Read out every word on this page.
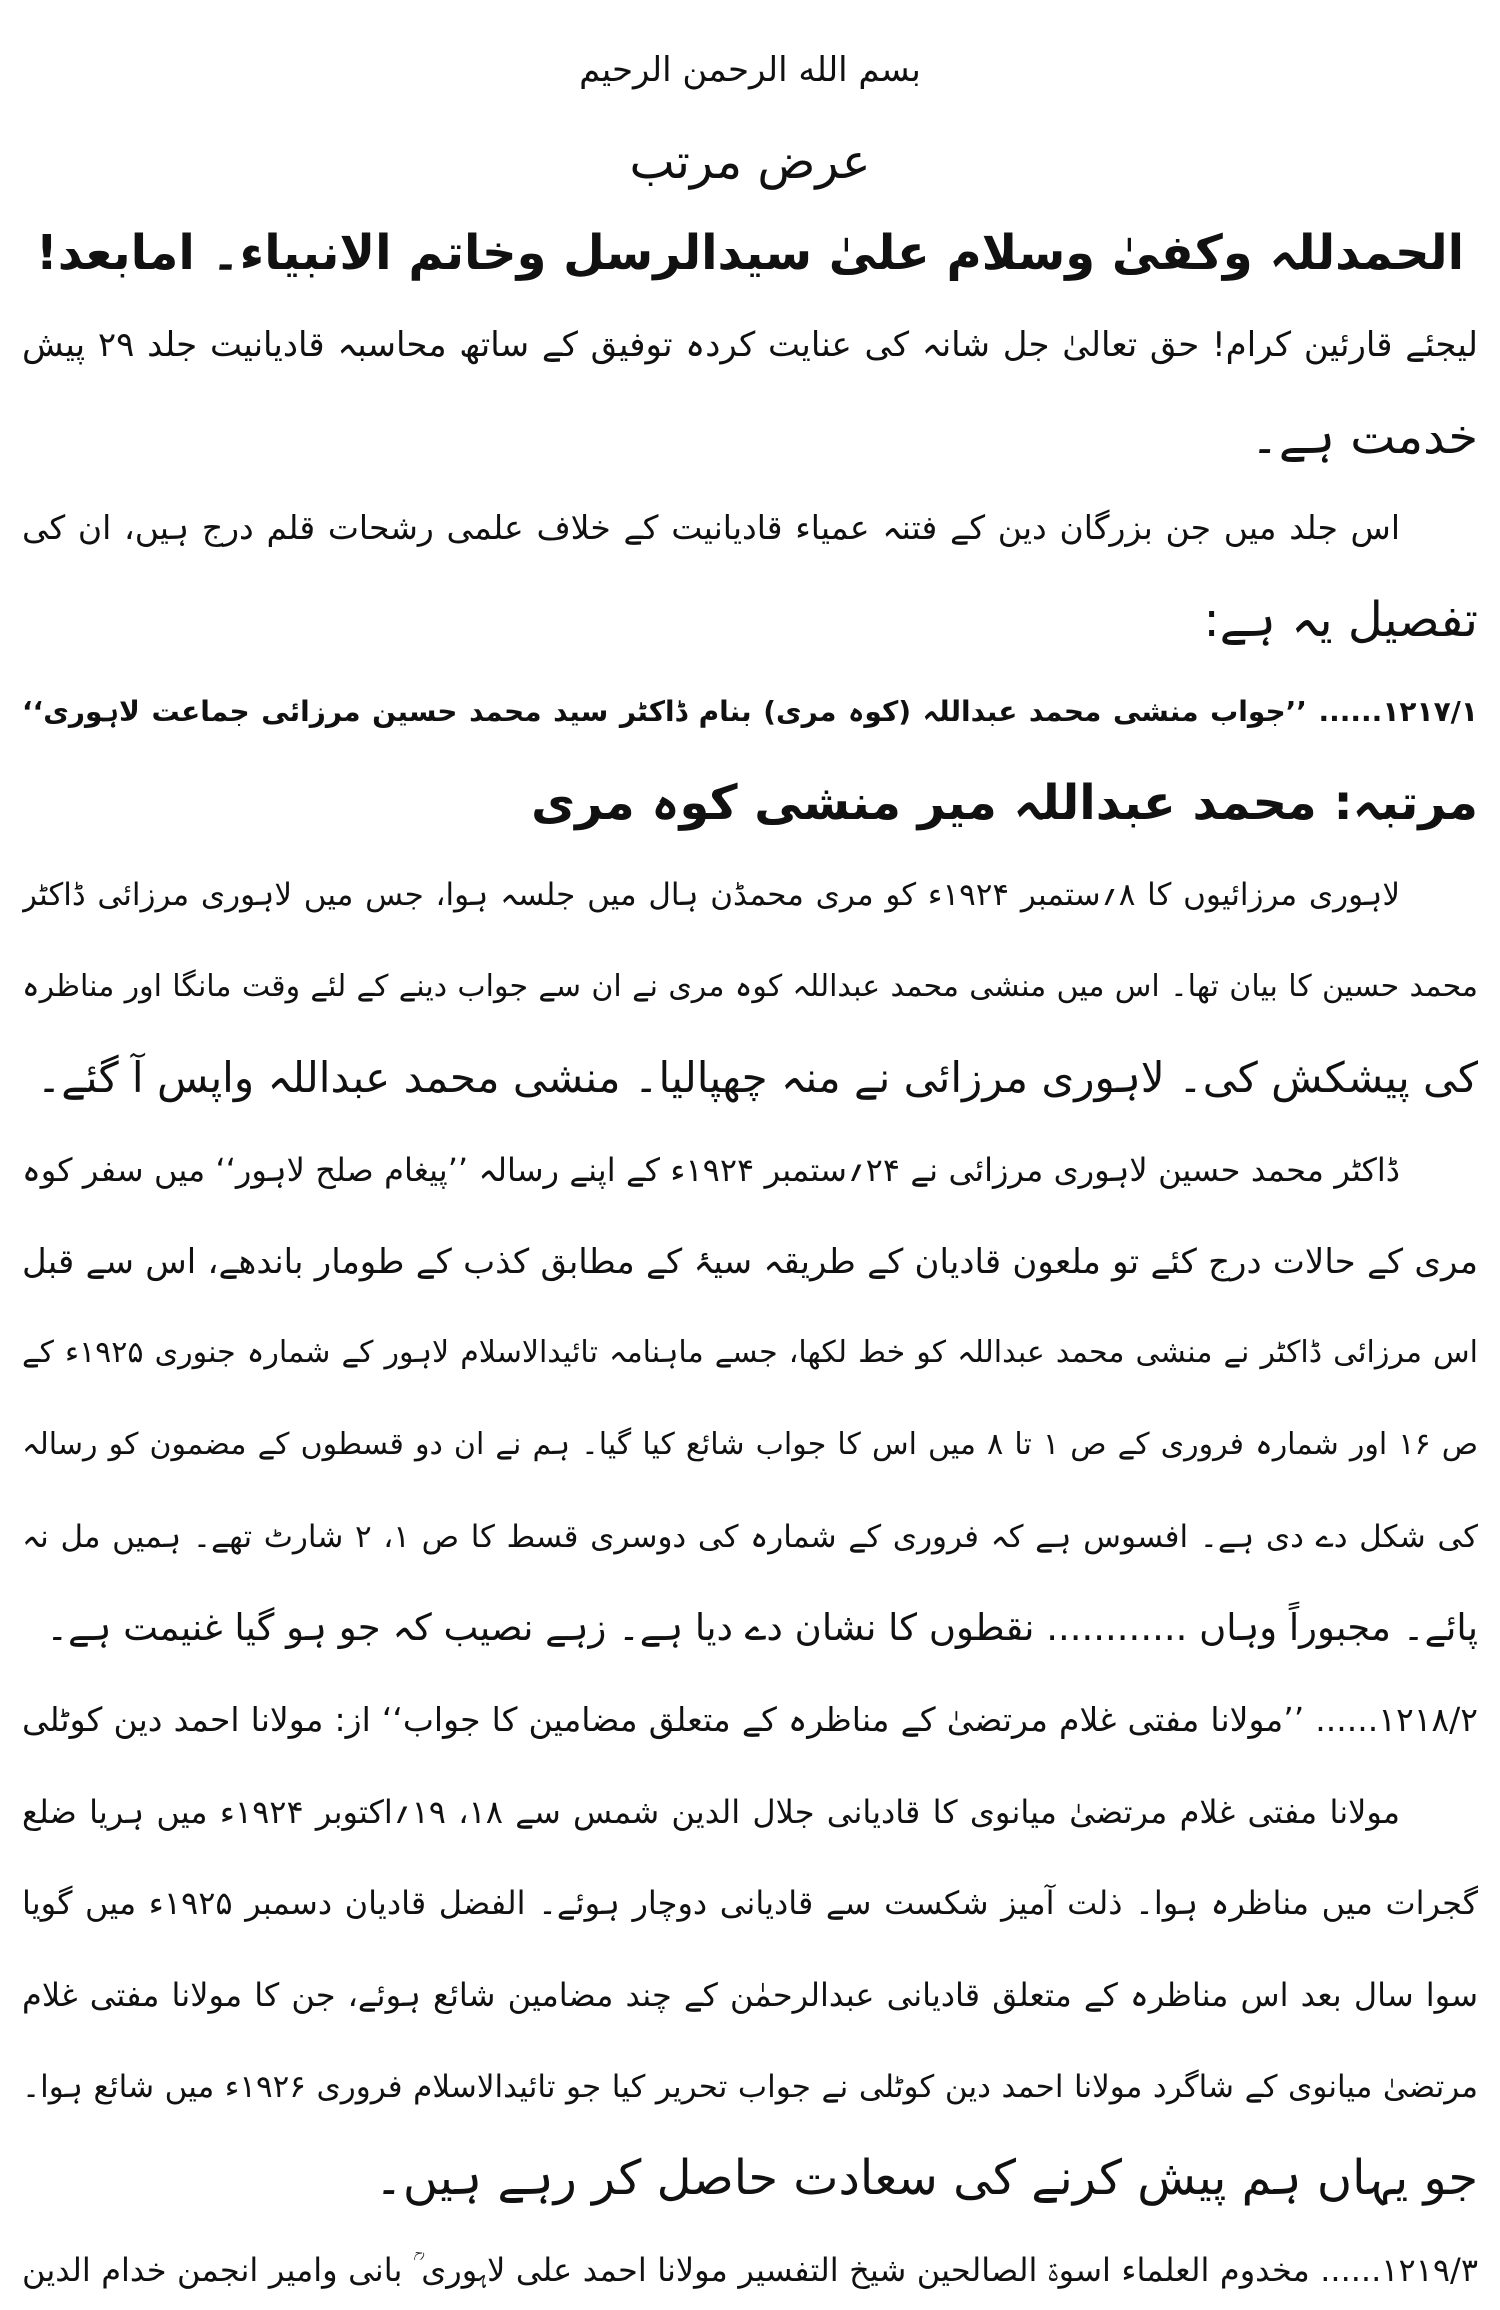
بسم الله الرحمن الرحیم
عرض مرتب
الحمدللہ وکفیٰ وسلام علیٰ سیدالرسل وخاتم الانبیاء۔ امابعد!
لیجئے قارئین کرام! حق تعالیٰ جل شانہ کی عنایت کردہ توفیق کے ساتھ محاسبہ قادیانیت جلد ۲۹ پیش
خدمت ہے۔
اس جلد میں جن بزرگان دین کے فتنہ عمیاء قادیانیت کے خلاف علمی رشحات قلم درج ہیں، ان کی
تفصیل یہ ہے:
۱۲۱۷/۱...... ’’جواب منشی محمد عبداللہ (کوہ مری) بنام ڈاکٹر سید محمد حسین مرزائی جماعت لاہوری‘‘
مرتبہ: محمد عبداللہ میر منشی کوہ مری
لاہوری مرزائیوں کا ۸؍ستمبر ۱۹۲۴ء کو مری محمڈن ہال میں جلسہ ہوا، جس میں لاہوری مرزائی ڈاکٹر
محمد حسین کا بیان تھا۔ اس میں منشی محمد عبداللہ کوہ مری نے ان سے جواب دینے کے لئے وقت مانگا اور مناظرہ
کی پیشکش کی۔ لاہوری مرزائی نے منہ چھپالیا۔ منشی محمد عبداللہ واپس آ گئے۔
ڈاکٹر محمد حسین لاہوری مرزائی نے ۲۴؍ستمبر ۱۹۲۴ء کے اپنے رسالہ ’’پیغام صلح لاہور‘‘ میں سفر کوہ
مری کے حالات درج کئے تو ملعون قادیان کے طریقہ سیۂ کے مطابق کذب کے طومار باندھے، اس سے قبل
اس مرزائی ڈاکٹر نے منشی محمد عبداللہ کو خط لکھا، جسے ماہنامہ تائیدالاسلام لاہور کے شمارہ جنوری ۱۹۲۵ء کے
ص ۱۶ اور شمارہ فروری کے ص ۱ تا ۸ میں اس کا جواب شائع کیا گیا۔ ہم نے ان دو قسطوں کے مضمون کو رسالہ
کی شکل دے دی ہے۔ افسوس ہے کہ فروری کے شمارہ کی دوسری قسط کا ص ۱، ۲ شارٹ تھے۔ ہمیں مل نہ
پائے۔ مجبوراً وہاں ............ نقطوں کا نشان دے دیا ہے۔ زہے نصیب کہ جو ہو گیا غنیمت ہے۔
۱۲۱۸/۲...... ’’مولانا مفتی غلام مرتضیٰ کے مناظرہ کے متعلق مضامین کا جواب‘‘ از: مولانا احمد دین کوٹلی
مولانا مفتی غلام مرتضیٰ میانوی کا قادیانی جلال الدین شمس سے ۱۸، ۱۹؍اکتوبر ۱۹۲۴ء میں ہریا ضلع
گجرات میں مناظرہ ہوا۔ ذلت آمیز شکست سے قادیانی دوچار ہوئے۔ الفضل قادیان دسمبر ۱۹۲۵ء میں گویا
سوا سال بعد اس مناظرہ کے متعلق قادیانی عبدالرحمٰن کے چند مضامین شائع ہوئے، جن کا مولانا مفتی غلام
مرتضیٰ میانوی کے شاگرد مولانا احمد دین کوٹلی نے جواب تحریر کیا جو تائیدالاسلام فروری ۱۹۲۶ء میں شائع ہوا۔
جو یہاں ہم پیش کرنے کی سعادت حاصل کر رہے ہیں۔
۱۲۱۹/۳...... مخدوم العلماء اسوۃ الصالحین شیخ التفسیر مولانا احمد علی لاہوری ؒ بانی وامیر انجمن خدام الدین
